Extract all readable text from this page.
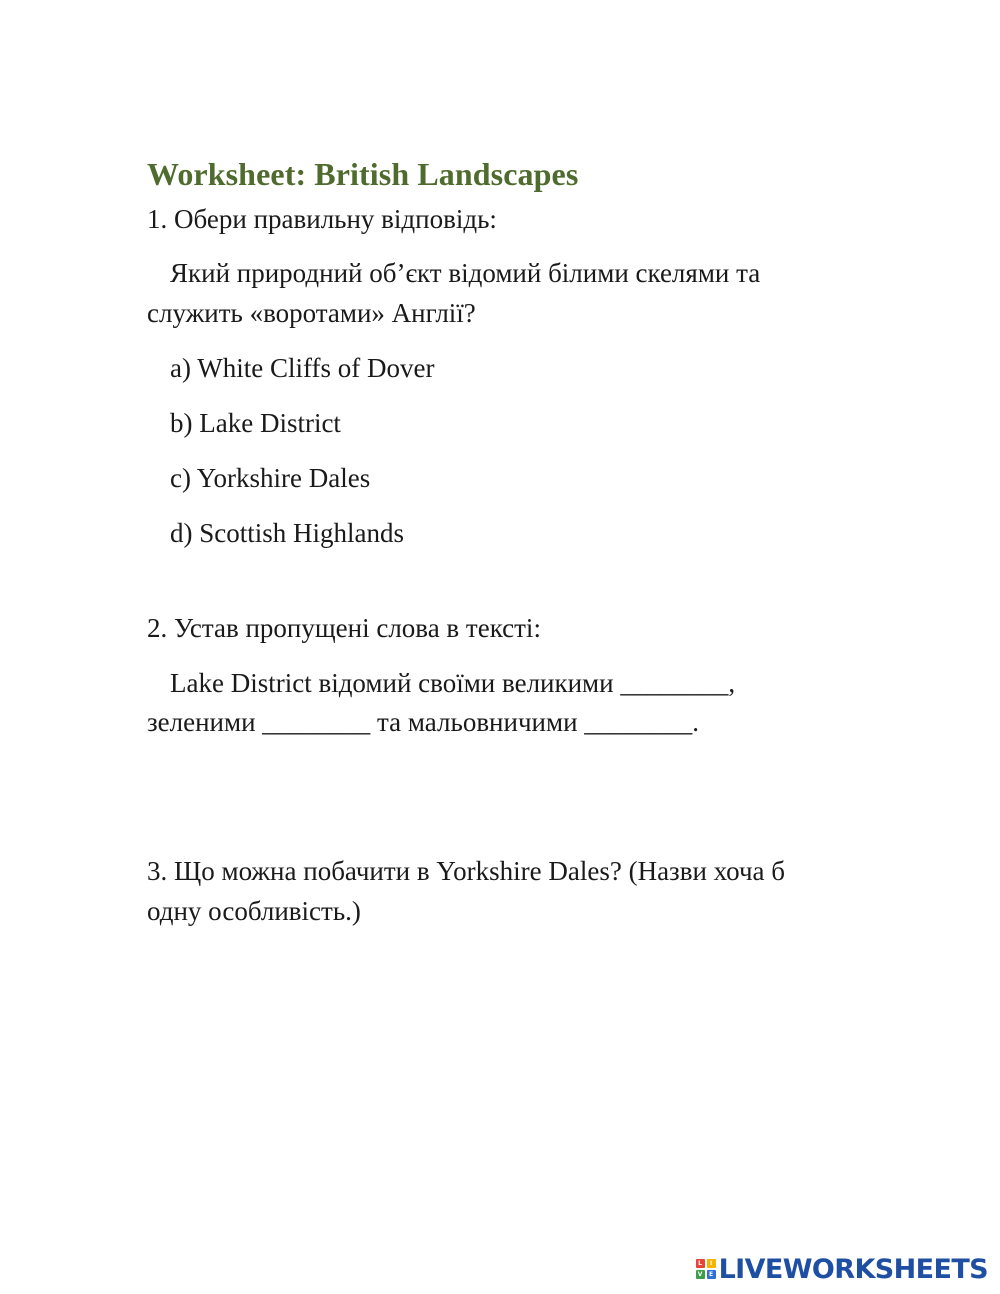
Worksheet: British Landscapes
1. Обери правильну відповідь:
Який природний об’єкт відомий білими скелями та
служить «воротами» Англії?
a) White Cliffs of Dover
b) Lake District
c) Yorkshire Dales
d) Scottish Highlands
2. Устав пропущені слова в тексті:
Lake District відомий своїми великими ________,
зеленими ________ та мальовничими ________.
3. Що можна побачити в Yorkshire Dales? (Назви хоча б
одну особливість.)
L	I
V	E LIVEWORKSHEETS
